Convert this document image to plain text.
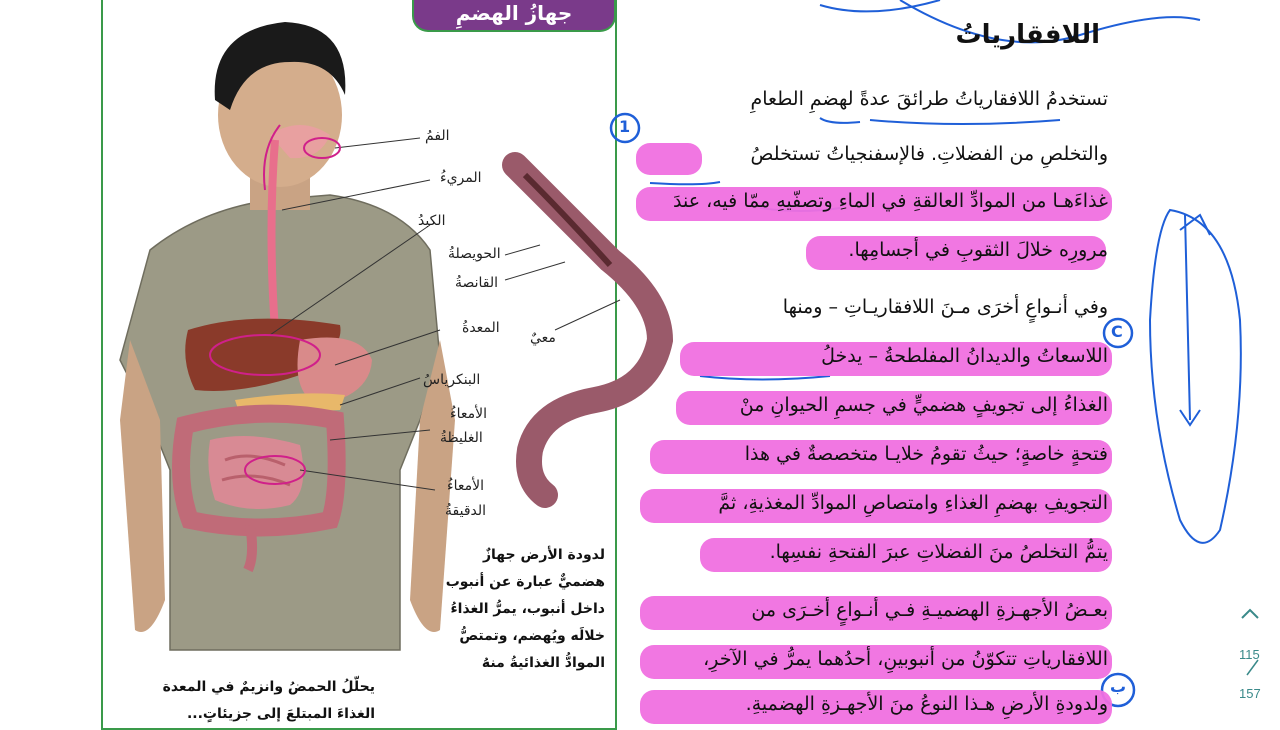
جهازُ الهضمِ
الفمُ
المريءُ
الكبدُ
الحويصلةُ
القانصةُ
المعدةُ
معيٌ
البنكرياسُ
الأمعاءُ
الغليظةُ
الأمعاءُ
الدقيقةُ
لدودة الأرض جهازٌ
هضميٌّ عبارة عن أنبوب
داخل أنبوب، يمرُّ الغذاءُ
خلالَه ويُهضم، وتمتصُّ
الموادُّ الغذائيةُ منهُ
يحلّلُ الحمضُ وانزيمٌ في المعدة
الغذاءَ المبتلعَ إلى جزيئاتٍ...
اللافقارياتُ
تستخدمُ اللافقارياتُ طرائقَ عدةً لهضمِ الطعامِ
والتخلصِ من الفضلاتِ. فالإسفنجياتُ تستخلصُ
غذاءَهـا من الموادِّ العالقةِ في الماءِ وتصفّيهِ ممّا فيه، عندَ
مرورِه خلالَ الثقوبِ في أجسامِها.
وفي أنـواعٍ أخرَى مـنَ اللافقاريـاتِ – ومنها
اللاسعاتُ والديدانُ المفلطحةُ – يدخلُ
الغذاءُ إلى تجويفٍ هضميٍّ في جسمِ الحيوانِ منْ
فتحةٍ خاصةٍ؛ حيثُ تقومُ خلايـا متخصصةٌ في هذا
التجويفِ بهضمِ الغذاءِ وامتصاصِ الموادِّ المغذيةِ، ثمَّ
يتمُّ التخلصُ منَ الفضلاتِ عبرَ الفتحةِ نفسِها.
بعـضُ الأجهـزةِ الهضميـةِ فـي أنـواعٍ أخـرَى من
اللافقارياتِ تتكوّنُ من أنبوبينِ، أحدُهما يمرُّ في الآخرِ،
ولدودةِ الأرضِ هـذا النوعُ منَ الأجهـزةِ الهضميةِ.
1
C
ب
115
157
